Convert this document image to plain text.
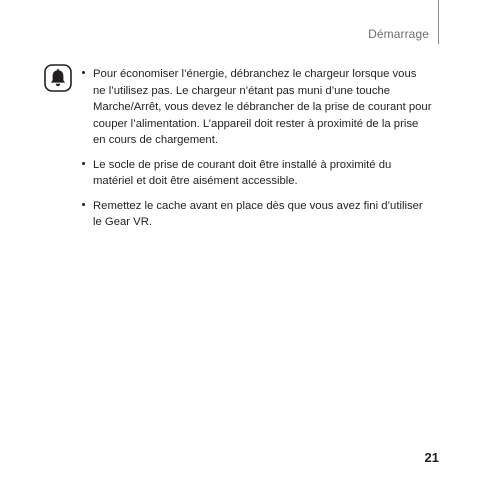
Démarrage
Pour économiser l’énergie, débranchez le chargeur lorsque vous ne l’utilisez pas. Le chargeur n’étant pas muni d’une touche Marche/Arrêt, vous devez le débrancher de la prise de courant pour couper l’alimentation. L’appareil doit rester à proximité de la prise en cours de chargement.
Le socle de prise de courant doit être installé à proximité du matériel et doit être aisément accessible.
Remettez le cache avant en place dès que vous avez fini d’utiliser le Gear VR.
21
